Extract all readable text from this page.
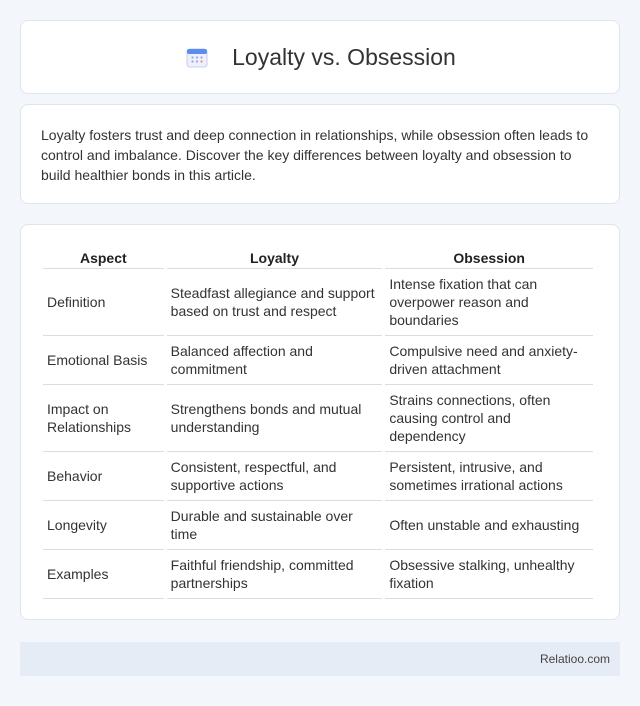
Loyalty vs. Obsession

Loyalty fosters trust and deep connection in relationships, while obsession often leads to control and imbalance. Discover the key differences between loyalty and obsession to build healthier bonds in this article.

Aspect	Loyalty	Obsession
Definition	Steadfast allegiance and support based on trust and respect	Intense fixation that can overpower reason and boundaries
Emotional Basis	Balanced affection and commitment	Compulsive need and anxiety-driven attachment
Impact on Relationships	Strengthens bonds and mutual understanding	Strains connections, often causing control and dependency
Behavior	Consistent, respectful, and supportive actions	Persistent, intrusive, and sometimes irrational actions
Longevity	Durable and sustainable over time	Often unstable and exhausting
Examples	Faithful friendship, committed partnerships	Obsessive stalking, unhealthy fixation
Relatioo.com
